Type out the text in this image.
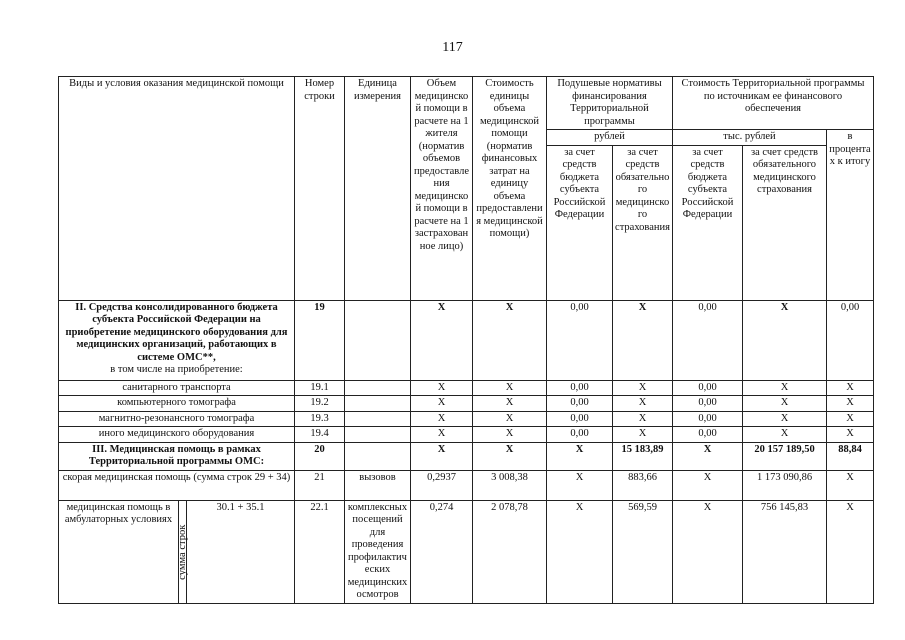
117
Виды и условия оказания медицинской помощи			Номер строки	Единица измерения	Объем медицинской помощи в расчете на 1 жителя (норматив объемов предоставления медицинской помощи в расчете на 1 застрахованное лицо)	Стоимость единицы объема медицинской помощи (норматив финансовых затрат на единицу объема предоставления медицинской помощи)	Подушевые нормативы финансирования Территориальной программы		Стоимость Территориальной программы по источникам ее финансового обеспечения		
							рублей		тыс. рублей		в процентах к итогу
							за счет средств бюджета субъекта Российской Федерации	за счет средств обязательного медицинского страхования	за счет средств бюджета субъекта Российской Федерации	за счет средств обязательного медицинского страхования	

II. Средства консолидированного бюджета субъекта Российской Федерации на приобретение медицинского оборудования для медицинских организаций, работающих в системе ОМС**,
в том числе на приобретение:			19		X	X	0,00	X	0,00	X	0,00
санитарного транспорта			19.1		X	X	0,00	X	0,00	X	X
компьютерного томографа			19.2		X	X	0,00	X	0,00	X	X
магнитно-резонансного томографа			19.3		X	X	0,00	X	0,00	X	X
иного медицинского оборудования			19.4		X	X	0,00	X	0,00	X	X
III. Медицинская помощь в рамках Территориальной программы ОМС:			20		X	X	X	15 183,89	X	20 157 189,50	88,84
скорая медицинская помощь (сумма строк 29 + 34)			21	вызовов	0,2937	3 008,38	X	883,66	X	1 173 090,86	X
медицинская помощь в амбулаторных условиях	сумма строк	30.1 + 35.1	22.1	комплексных посещений для проведения профилактических медицинских осмотров	0,274	2 078,78	X	569,59	X	756 145,83	X
